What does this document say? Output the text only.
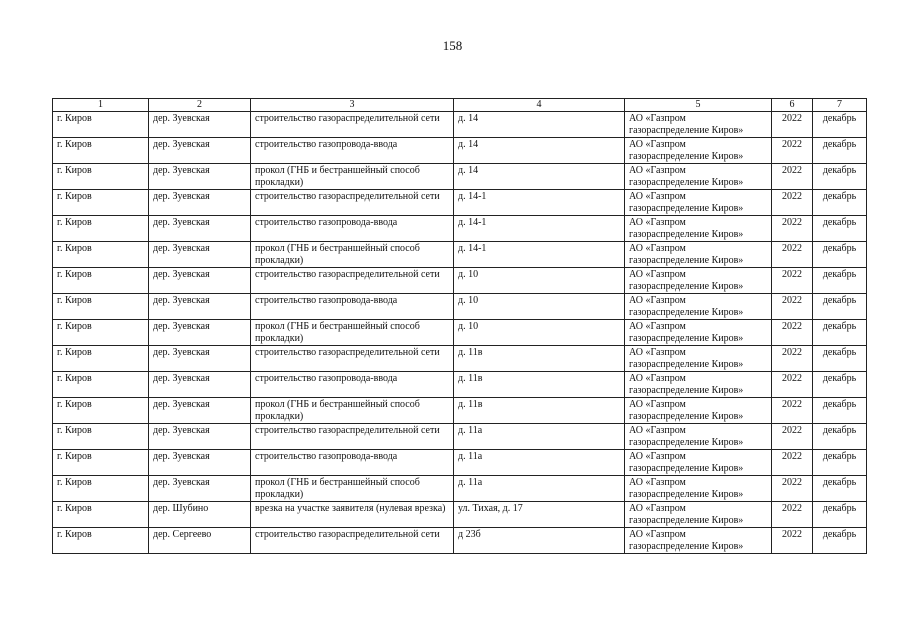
158
1	2	3	4	5	6	7
г. Киров	дер. Зуевская	строительство газораспределительной сети	д. 14	АО «Газпром газораспределение Киров»	2022	декабрь
г. Киров	дер. Зуевская	строительство газопровода-ввода	д. 14	АО «Газпром газораспределение Киров»	2022	декабрь
г. Киров	дер. Зуевская	прокол (ГНБ и бестраншейный способ прокладки)	д. 14	АО «Газпром газораспределение Киров»	2022	декабрь
г. Киров	дер. Зуевская	строительство газораспределительной сети	д. 14-1	АО «Газпром газораспределение Киров»	2022	декабрь
г. Киров	дер. Зуевская	строительство газопровода-ввода	д. 14-1	АО «Газпром газораспределение Киров»	2022	декабрь
г. Киров	дер. Зуевская	прокол (ГНБ и бестраншейный способ прокладки)	д. 14-1	АО «Газпром газораспределение Киров»	2022	декабрь
г. Киров	дер. Зуевская	строительство газораспределительной сети	д. 10	АО «Газпром газораспределение Киров»	2022	декабрь
г. Киров	дер. Зуевская	строительство газопровода-ввода	д. 10	АО «Газпром газораспределение Киров»	2022	декабрь
г. Киров	дер. Зуевская	прокол (ГНБ и бестраншейный способ прокладки)	д. 10	АО «Газпром газораспределение Киров»	2022	декабрь
г. Киров	дер. Зуевская	строительство газораспределительной сети	д. 11в	АО «Газпром газораспределение Киров»	2022	декабрь
г. Киров	дер. Зуевская	строительство газопровода-ввода	д. 11в	АО «Газпром газораспределение Киров»	2022	декабрь
г. Киров	дер. Зуевская	прокол (ГНБ и бестраншейный способ прокладки)	д. 11в	АО «Газпром газораспределение Киров»	2022	декабрь
г. Киров	дер. Зуевская	строительство газораспределительной сети	д. 11а	АО «Газпром газораспределение Киров»	2022	декабрь
г. Киров	дер. Зуевская	строительство газопровода-ввода	д. 11а	АО «Газпром газораспределение Киров»	2022	декабрь
г. Киров	дер. Зуевская	прокол (ГНБ и бестраншейный способ прокладки)	д. 11а	АО «Газпром газораспределение Киров»	2022	декабрь
г. Киров	дер. Шубино	врезка на участке заявителя (нулевая врезка)	ул. Тихая, д. 17	АО «Газпром газораспределение Киров»	2022	декабрь
г. Киров	дер. Сергеево	строительство газораспределительной сети	д 23б	АО «Газпром газораспределение Киров»	2022	декабрь
